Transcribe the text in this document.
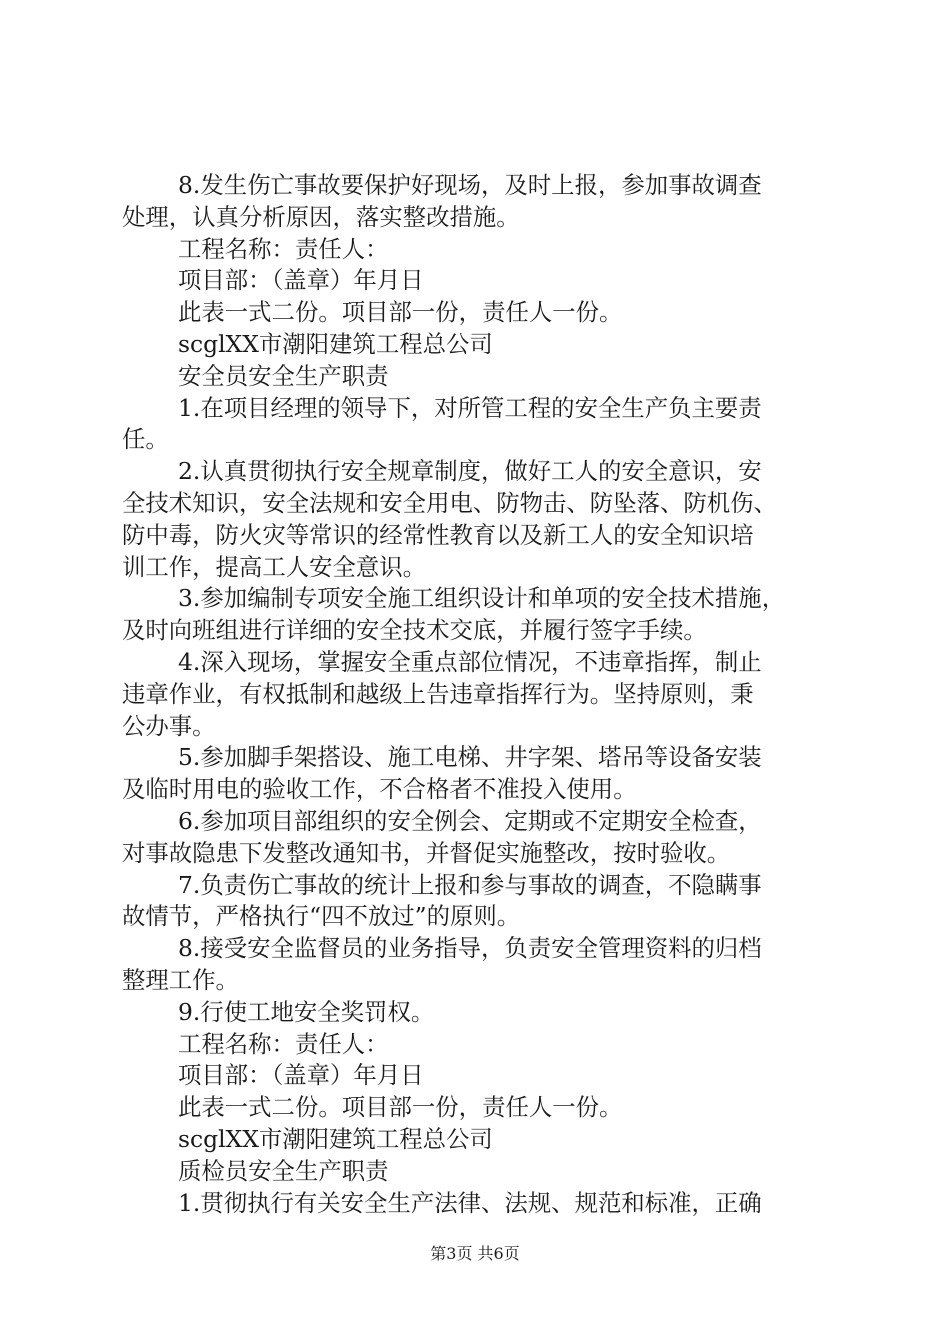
8.发生伤亡事故要保护好现场，及时上报，参加事故调查
处理，认真分析原因，落实整改措施。
工程名称：责任人：
项目部：（盖章）年月日
此表一式二份。项目部一份，责任人一份。
scglXX市潮阳建筑工程总公司
安全员安全生产职责
1.在项目经理的领导下，对所管工程的安全生产负主要责
任。
2.认真贯彻执行安全规章制度，做好工人的安全意识，安
全技术知识，安全法规和安全用电、防物击、防坠落、防机伤、
防中毒，防火灾等常识的经常性教育以及新工人的安全知识培
训工作，提高工人安全意识。
3.参加编制专项安全施工组织设计和单项的安全技术措施，
及时向班组进行详细的安全技术交底，并履行签字手续。
4.深入现场，掌握安全重点部位情况，不违章指挥，制止
违章作业，有权抵制和越级上告违章指挥行为。坚持原则，秉
公办事。
5.参加脚手架搭设、施工电梯、井字架、塔吊等设备安装
及临时用电的验收工作，不合格者不准投入使用。
6.参加项目部组织的安全例会、定期或不定期安全检查，
对事故隐患下发整改通知书，并督促实施整改，按时验收。
7.负责伤亡事故的统计上报和参与事故的调查，不隐瞒事
故情节，严格执行“四不放过”的原则。
8.接受安全监督员的业务指导，负责安全管理资料的归档
整理工作。
9.行使工地安全奖罚权。
工程名称：责任人：
项目部：（盖章）年月日
此表一式二份。项目部一份，责任人一份。
scglXX市潮阳建筑工程总公司
质检员安全生产职责
1.贯彻执行有关安全生产法律、法规、规范和标准，正确
第3页 共6页
